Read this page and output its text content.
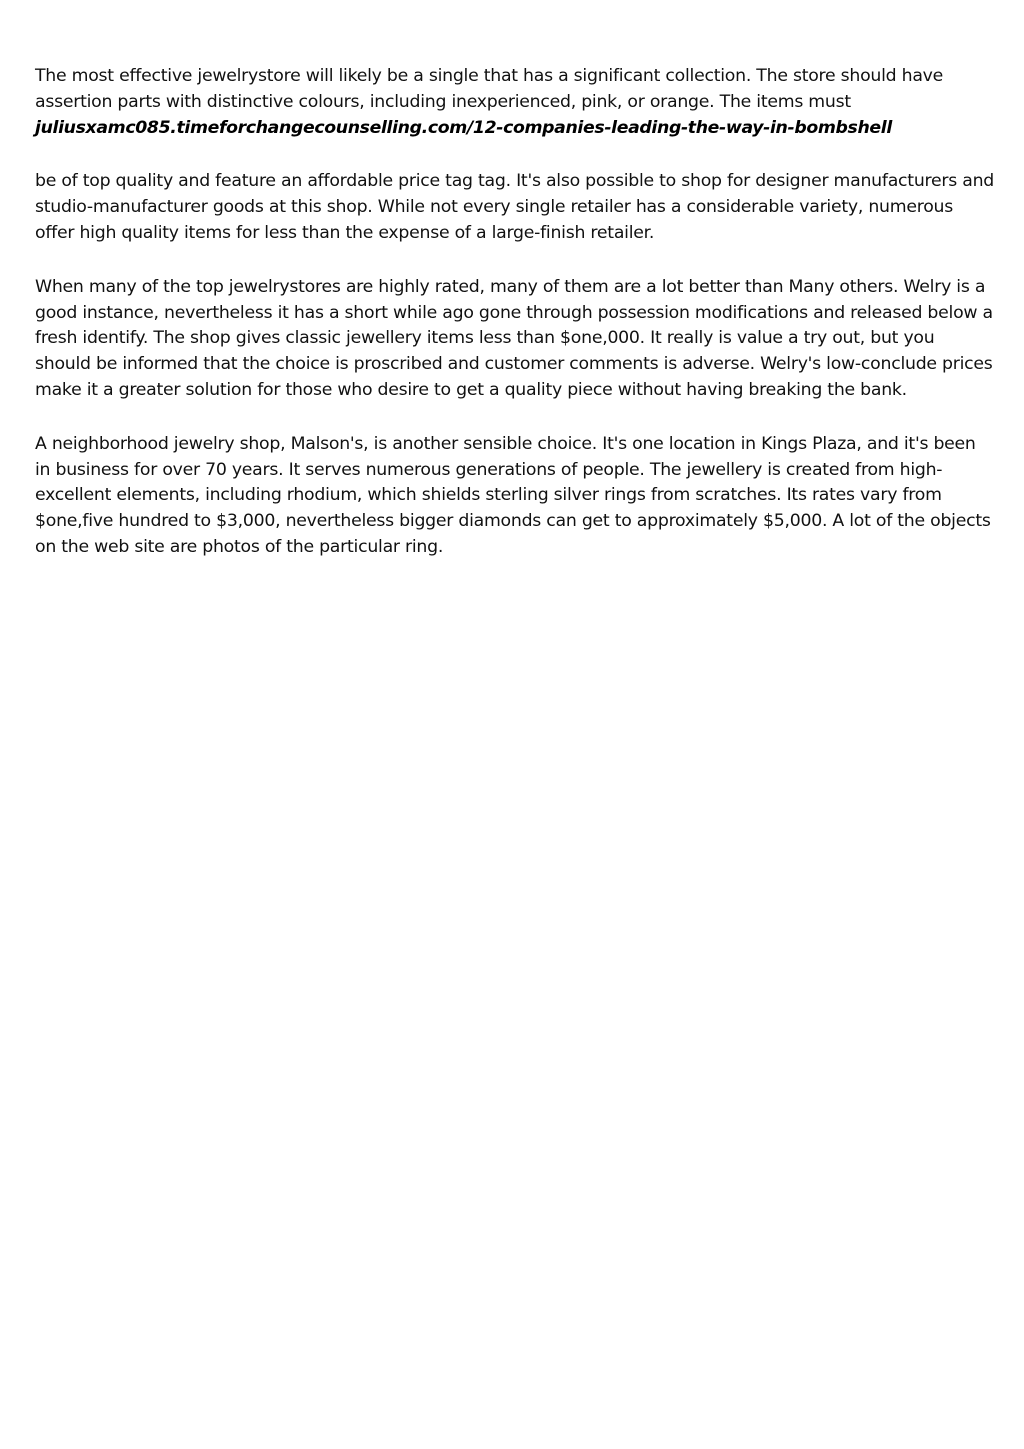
The most effective jewelrystore will likely be a single that has a significant collection. The store should have assertion parts with distinctive colours, including inexperienced, pink, or orange. The items must
juliusxamc085.timeforchangecounselling.com/12-companies-leading-the-way-in-bombshell

be of top quality and feature an affordable price tag tag. It's also possible to shop for designer manufacturers and studio-manufacturer goods at this shop. While not every single retailer has a considerable variety, numerous offer high quality items for less than the expense of a large-finish retailer.

When many of the top jewelrystores are highly rated, many of them are a lot better than Many others. Welry is a good instance, nevertheless it has a short while ago gone through possession modifications and released below a fresh identify. The shop gives classic jewellery items less than $one,000. It really is value a try out, but you should be informed that the choice is proscribed and customer comments is adverse. Welry's low-conclude prices make it a greater solution for those who desire to get a quality piece without having breaking the bank.

A neighborhood jewelry shop, Malson's, is another sensible choice. It's one location in Kings Plaza, and it's been in business for over 70 years. It serves numerous generations of people. The jewellery is created from high-excellent elements, including rhodium, which shields sterling silver rings from scratches. Its rates vary from $one,five hundred to $3,000, nevertheless bigger diamonds can get to approximately $5,000. A lot of the objects on the web site are photos of the particular ring.
